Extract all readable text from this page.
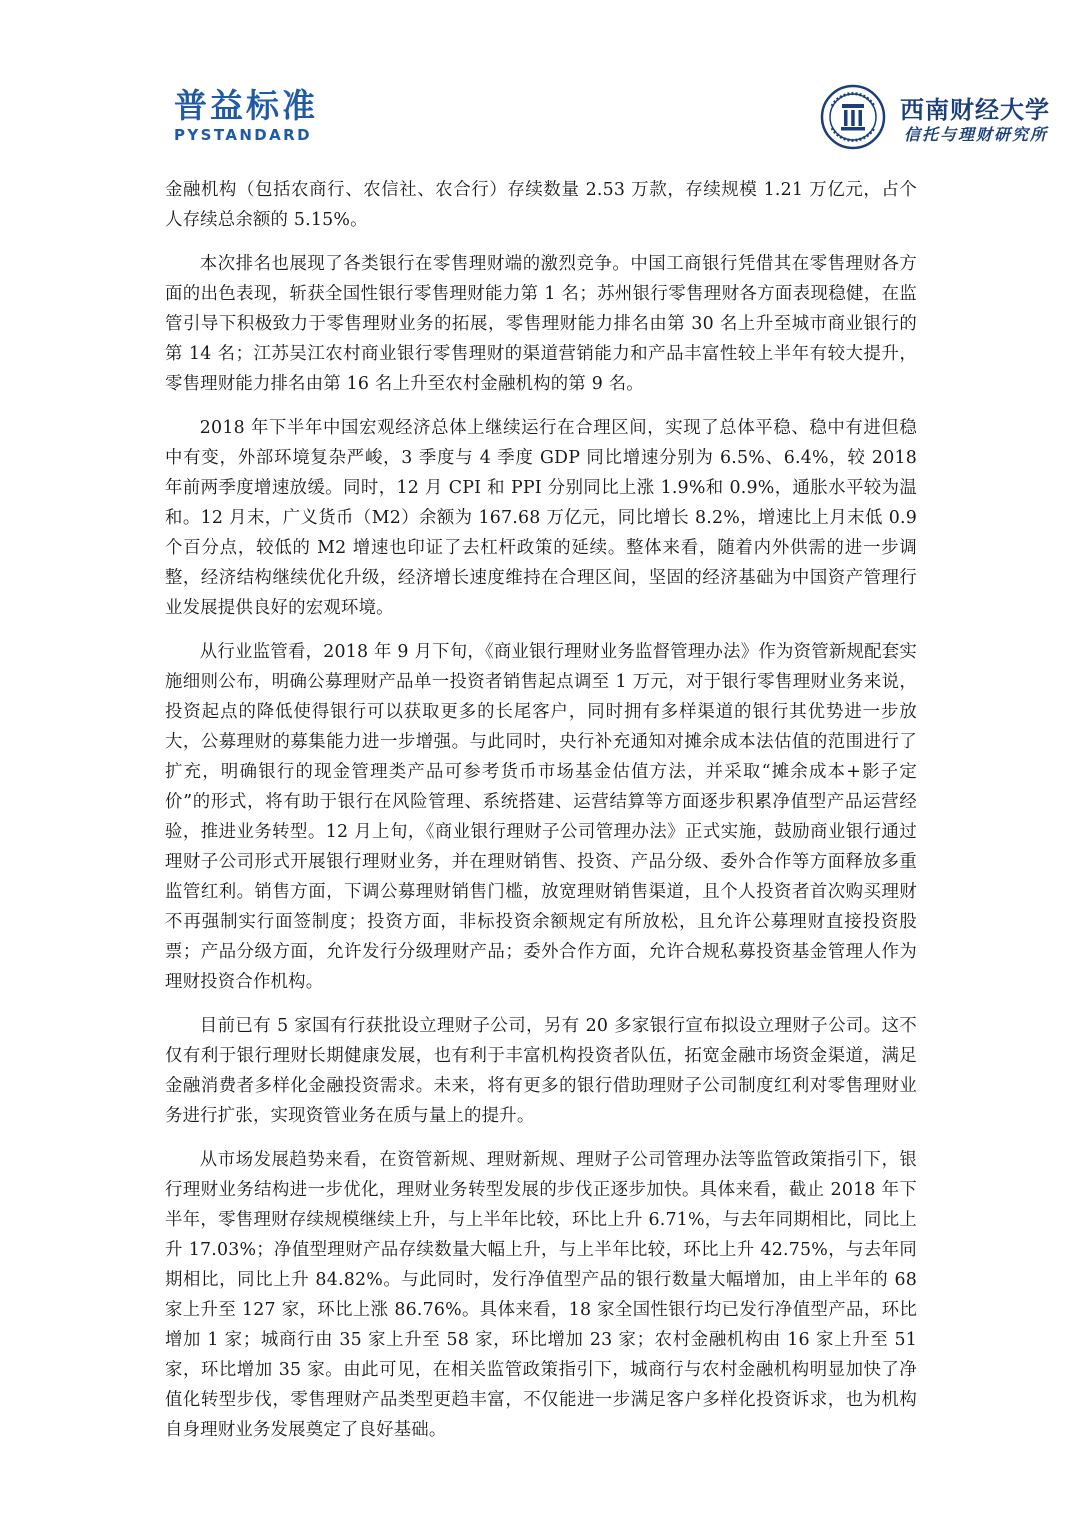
普益标准
PYSTANDARD
西南财经大学
信托与理财研究所

金融机构（包括农商行、农信社、农合行）存续数量 2.53 万款，存续规模 1.21 万亿元，占个人存续总余额的 5.15%。

本次排名也展现了各类银行在零售理财端的激烈竞争。中国工商银行凭借其在零售理财各方面的出色表现，斩获全国性银行零售理财能力第 1 名；苏州银行零售理财各方面表现稳健，在监管引导下积极致力于零售理财业务的拓展，零售理财能力排名由第 30 名上升至城市商业银行的第 14 名；江苏吴江农村商业银行零售理财的渠道营销能力和产品丰富性较上半年有较大提升，零售理财能力排名由第 16 名上升至农村金融机构的第 9 名。

2018 年下半年中国宏观经济总体上继续运行在合理区间，实现了总体平稳、稳中有进但稳中有变，外部环境复杂严峻，3 季度与 4 季度 GDP 同比增速分别为 6.5%、6.4%，较 2018 年前两季度增速放缓。同时，12 月 CPI 和 PPI 分别同比上涨 1.9%和 0.9%，通胀水平较为温和。12 月末，广义货币（M2）余额为 167.68 万亿元，同比增长 8.2%，增速比上月末低 0.9 个百分点，较低的 M2 增速也印证了去杠杆政策的延续。整体来看，随着内外供需的进一步调整，经济结构继续优化升级，经济增长速度维持在合理区间，坚固的经济基础为中国资产管理行业发展提供良好的宏观环境。

从行业监管看，2018 年 9 月下旬，《商业银行理财业务监督管理办法》作为资管新规配套实施细则公布，明确公募理财产品单一投资者销售起点调至 1 万元，对于银行零售理财业务来说，投资起点的降低使得银行可以获取更多的长尾客户，同时拥有多样渠道的银行其优势进一步放大，公募理财的募集能力进一步增强。与此同时，央行补充通知对摊余成本法估值的范围进行了扩充，明确银行的现金管理类产品可参考货币市场基金估值方法，并采取“摊余成本+影子定价”的形式，将有助于银行在风险管理、系统搭建、运营结算等方面逐步积累净值型产品运营经验，推进业务转型。12 月上旬，《商业银行理财子公司管理办法》正式实施，鼓励商业银行通过理财子公司形式开展银行理财业务，并在理财销售、投资、产品分级、委外合作等方面释放多重监管红利。销售方面，下调公募理财销售门槛，放宽理财销售渠道，且个人投资者首次购买理财不再强制实行面签制度；投资方面，非标投资余额规定有所放松，且允许公募理财直接投资股票；产品分级方面，允许发行分级理财产品；委外合作方面，允许合规私募投资基金管理人作为理财投资合作机构。

目前已有 5 家国有行获批设立理财子公司，另有 20 多家银行宣布拟设立理财子公司。这不仅有利于银行理财长期健康发展，也有利于丰富机构投资者队伍，拓宽金融市场资金渠道，满足金融消费者多样化金融投资需求。未来，将有更多的银行借助理财子公司制度红利对零售理财业务进行扩张，实现资管业务在质与量上的提升。

从市场发展趋势来看，在资管新规、理财新规、理财子公司管理办法等监管政策指引下，银行理财业务结构进一步优化，理财业务转型发展的步伐正逐步加快。具体来看，截止 2018 年下半年，零售理财存续规模继续上升，与上半年比较，环比上升 6.71%，与去年同期相比，同比上升 17.03%；净值型理财产品存续数量大幅上升，与上半年比较，环比上升 42.75%，与去年同期相比，同比上升 84.82%。与此同时，发行净值型产品的银行数量大幅增加，由上半年的 68 家上升至 127 家，环比上涨 86.76%。具体来看，18 家全国性银行均已发行净值型产品，环比增加 1 家；城商行由 35 家上升至 58 家，环比增加 23 家；农村金融机构由 16 家上升至 51 家，环比增加 35 家。由此可见，在相关监管政策指引下，城商行与农村金融机构明显加快了净值化转型步伐，零售理财产品类型更趋丰富，不仅能进一步满足客户多样化投资诉求，也为机构自身理财业务发展奠定了良好基础。
